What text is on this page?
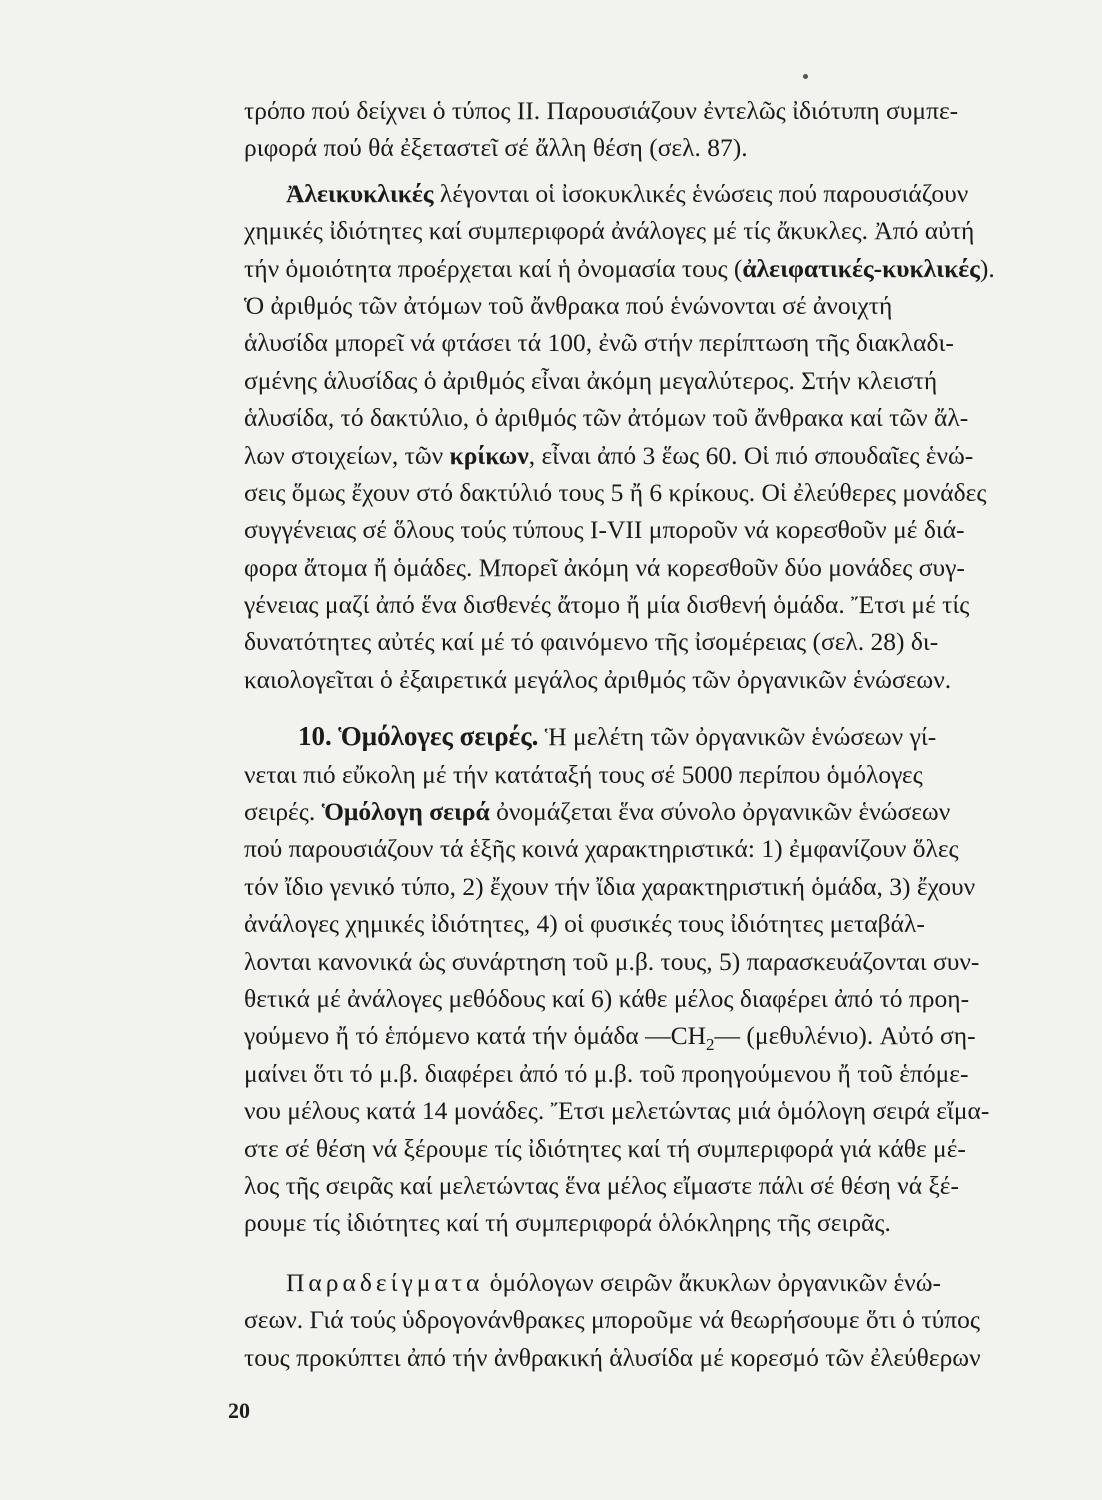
τρόπο πού δείχνει ὁ τύπος ΙΙ. Παρουσιάζουν ἐντελῶς ἰδιότυπη συμπε-
ριφορά πού θά ἐξεταστεῖ σέ ἄλλη θέση (σελ. 87).
Ἀλεικυκλικές λέγονται οἱ ἰσοκυκλικές ἑνώσεις πού παρουσιάζουν
χημικές ἰδιότητες καί συμπεριφορά ἀνάλογες μέ τίς ἄκυκλες. Ἀπό αὐτή
τήν ὁμοιότητα προέρχεται καί ἡ ὀνομασία τους (ἀλειφατικές-κυκλικές).
Ὁ ἀριθμός τῶν ἀτόμων τοῦ ἄνθρακα πού ἑνώνονται σέ ἀνοιχτή
ἁλυσίδα μπορεῖ νά φτάσει τά 100, ἐνῶ στήν περίπτωση τῆς διακλαδι-
σμένης ἁλυσίδας ὁ ἀριθμός εἶναι ἀκόμη μεγαλύτερος. Στήν κλειστή
ἁλυσίδα, τό δακτύλιο, ὁ ἀριθμός τῶν ἀτόμων τοῦ ἄνθρακα καί τῶν ἄλ-
λων στοιχείων, τῶν κρίκων, εἶναι ἀπό 3 ἕως 60. Οἱ πιό σπουδαῖες ἑνώ-
σεις ὅμως ἔχουν στό δακτύλιό τους 5 ἤ 6 κρίκους. Οἱ ἐλεύθερες μονάδες
συγγένειας σέ ὅλους τούς τύπους Ι-VII μποροῦν νά κορεσθοῦν μέ διά-
φορα ἄτομα ἤ ὁμάδες. Μπορεῖ ἀκόμη νά κορεσθοῦν δύο μονάδες συγ-
γένειας μαζί ἀπό ἕνα δισθενές ἄτομο ἤ μία δισθενή ὁμάδα. Ἔτσι μέ τίς
δυνατότητες αὐτές καί μέ τό φαινόμενο τῆς ἰσομέρειας (σελ. 28) δι-
καιολογεῖται ὁ ἐξαιρετικά μεγάλος ἀριθμός τῶν ὀργανικῶν ἑνώσεων.
10. Ὁμόλογες σειρές. Ἡ μελέτη τῶν ὀργανικῶν ἑνώσεων γί-
νεται πιό εὔκολη μέ τήν κατάταξή τους σέ 5000 περίπου ὁμόλογες
σειρές. Ὁμόλογη σειρά ὀνομάζεται ἕνα σύνολο ὀργανικῶν ἑνώσεων
πού παρουσιάζουν τά ἑξῆς κοινά χαρακτηριστικά: 1) ἐμφανίζουν ὅλες
τόν ἴδιο γενικό τύπο, 2) ἔχουν τήν ἴδια χαρακτηριστική ὁμάδα, 3) ἔχουν
ἀνάλογες χημικές ἰδιότητες, 4) οἱ φυσικές τους ἰδιότητες μεταβάλ-
λονται κανονικά ὡς συνάρτηση τοῦ μ.β. τους, 5) παρασκευάζονται συν-
θετικά μέ ἀνάλογες μεθόδους καί 6) κάθε μέλος διαφέρει ἀπό τό προη-
γούμενο ἤ τό ἑπόμενο κατά τήν ὁμάδα $—CH_2—$ (μεθυλένιο). Αὐτό ση-
μαίνει ὅτι τό μ.β. διαφέρει ἀπό τό μ.β. τοῦ προηγούμενου ἤ τοῦ ἑπόμε-
νου μέλους κατά 14 μονάδες. Ἔτσι μελετώντας μιά ὁμόλογη σειρά εἴμα-
στε σέ θέση νά ξέρουμε τίς ἰδιότητες καί τή συμπεριφορά γιά κάθε μέ-
λος τῆς σειρᾶς καί μελετώντας ἕνα μέλος εἴμαστε πάλι σέ θέση νά ξέ-
ρουμε τίς ἰδιότητες καί τή συμπεριφορά ὁλόκληρης τῆς σειρᾶς.
Παραδείγματα ὁμόλογων σειρῶν ἄκυκλων ὀργανικῶν ἑνώ-
σεων. Γιά τούς ὑδρογονάνθρακες μποροῦμε νά θεωρήσουμε ὅτι ὁ τύπος
τους προκύπτει ἀπό τήν ἀνθρακική ἁλυσίδα μέ κορεσμό τῶν ἐλεύθερων
20
